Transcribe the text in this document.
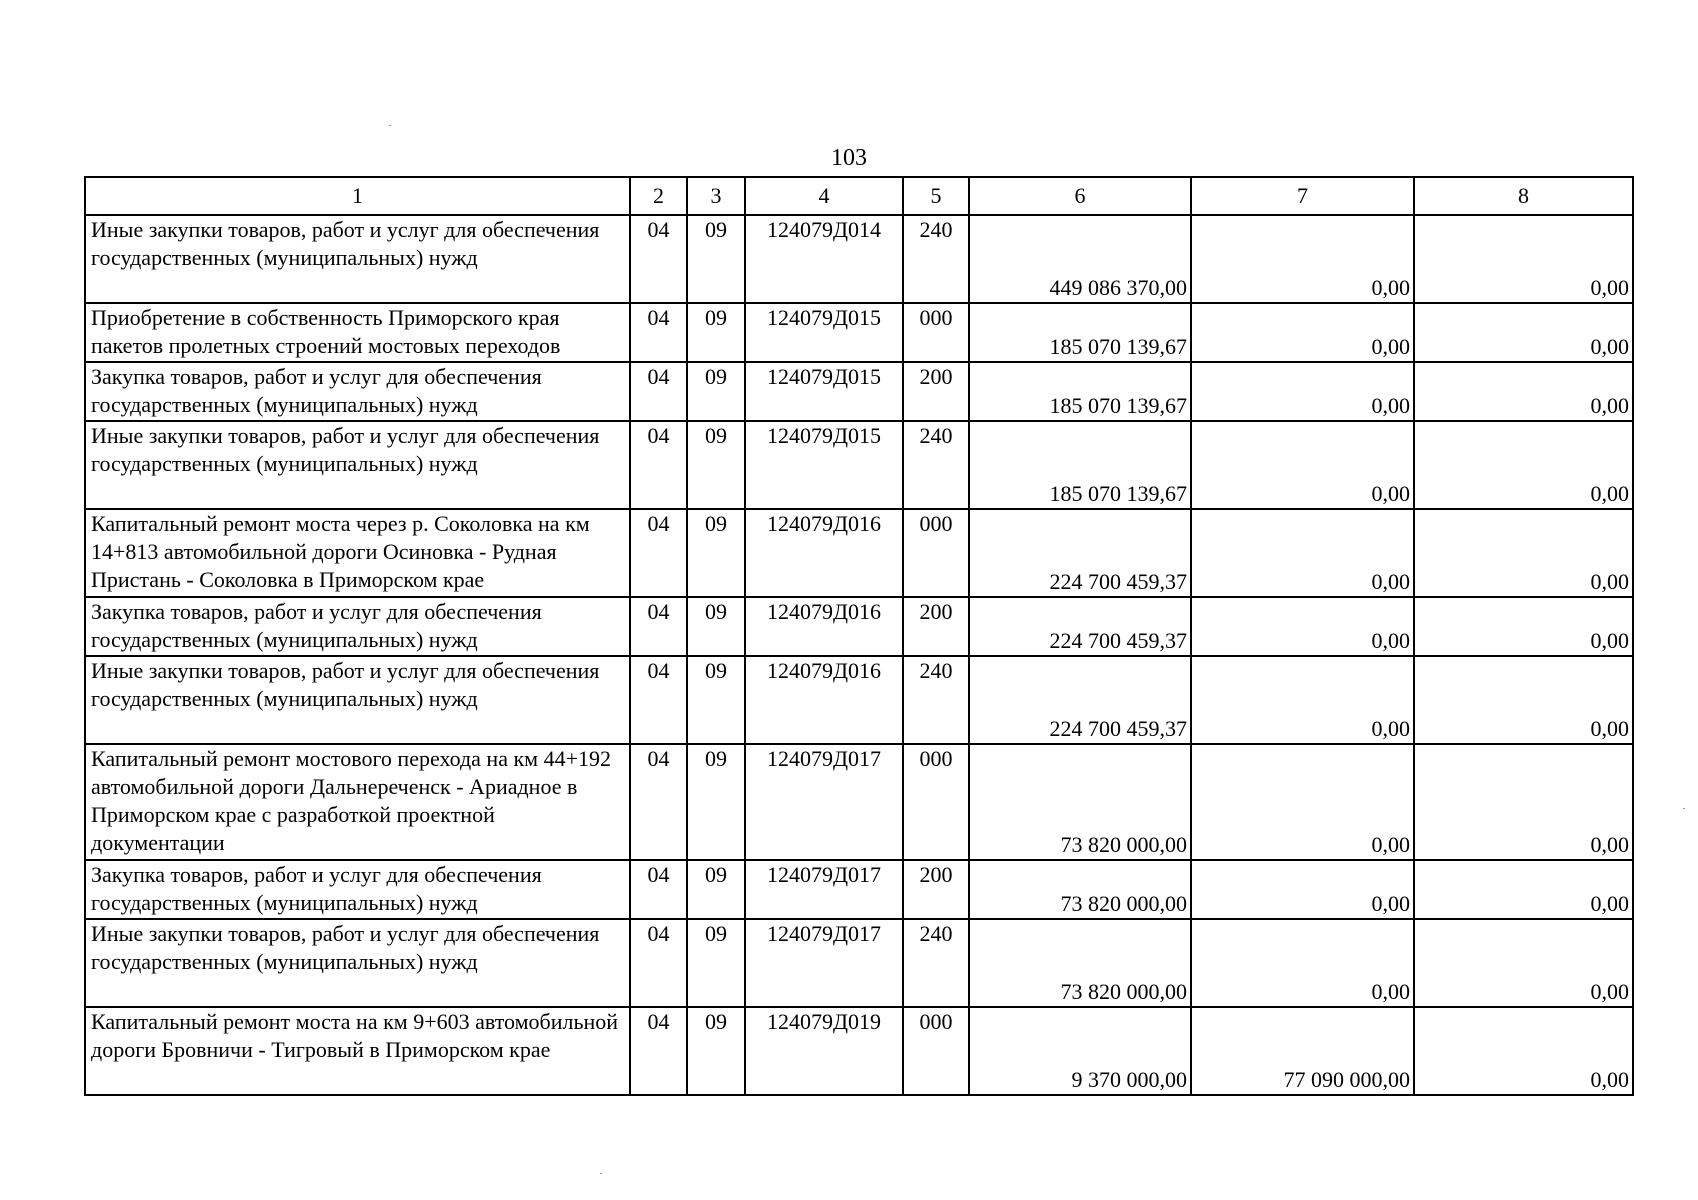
103
1	2	3	4	5	6	7	8
Иные закупки товаров, работ и услуг для обеспечения государственных (муниципальных) нужд	04	09	124079Д014	240	449 086 370,00	0,00	0,00
Приобретение в собственность Приморского края пакетов пролетных строений мостовых переходов	04	09	124079Д015	000	185 070 139,67	0,00	0,00
Закупка товаров, работ и услуг для обеспечения государственных (муниципальных) нужд	04	09	124079Д015	200	185 070 139,67	0,00	0,00
Иные закупки товаров, работ и услуг для обеспечения государственных (муниципальных) нужд	04	09	124079Д015	240	185 070 139,67	0,00	0,00
Капитальный ремонт моста через р. Соколовка на км 14+813 автомобильной дороги Осиновка - Рудная Пристань - Соколовка в Приморском крае	04	09	124079Д016	000	224 700 459,37	0,00	0,00
Закупка товаров, работ и услуг для обеспечения государственных (муниципальных) нужд	04	09	124079Д016	200	224 700 459,37	0,00	0,00
Иные закупки товаров, работ и услуг для обеспечения государственных (муниципальных) нужд	04	09	124079Д016	240	224 700 459,37	0,00	0,00
Капитальный ремонт мостового перехода на км 44+192 автомобильной дороги Дальнереченск - Ариадное в Приморском крае с разработкой проектной документации	04	09	124079Д017	000	73 820 000,00	0,00	0,00
Закупка товаров, работ и услуг для обеспечения государственных (муниципальных) нужд	04	09	124079Д017	200	73 820 000,00	0,00	0,00
Иные закупки товаров, работ и услуг для обеспечения государственных (муниципальных) нужд	04	09	124079Д017	240	73 820 000,00	0,00	0,00
Капитальный ремонт моста на км 9+603 автомобильной дороги Бровничи - Тигровый в Приморском крае	04	09	124079Д019	000	9 370 000,00	77 090 000,00	0,00
